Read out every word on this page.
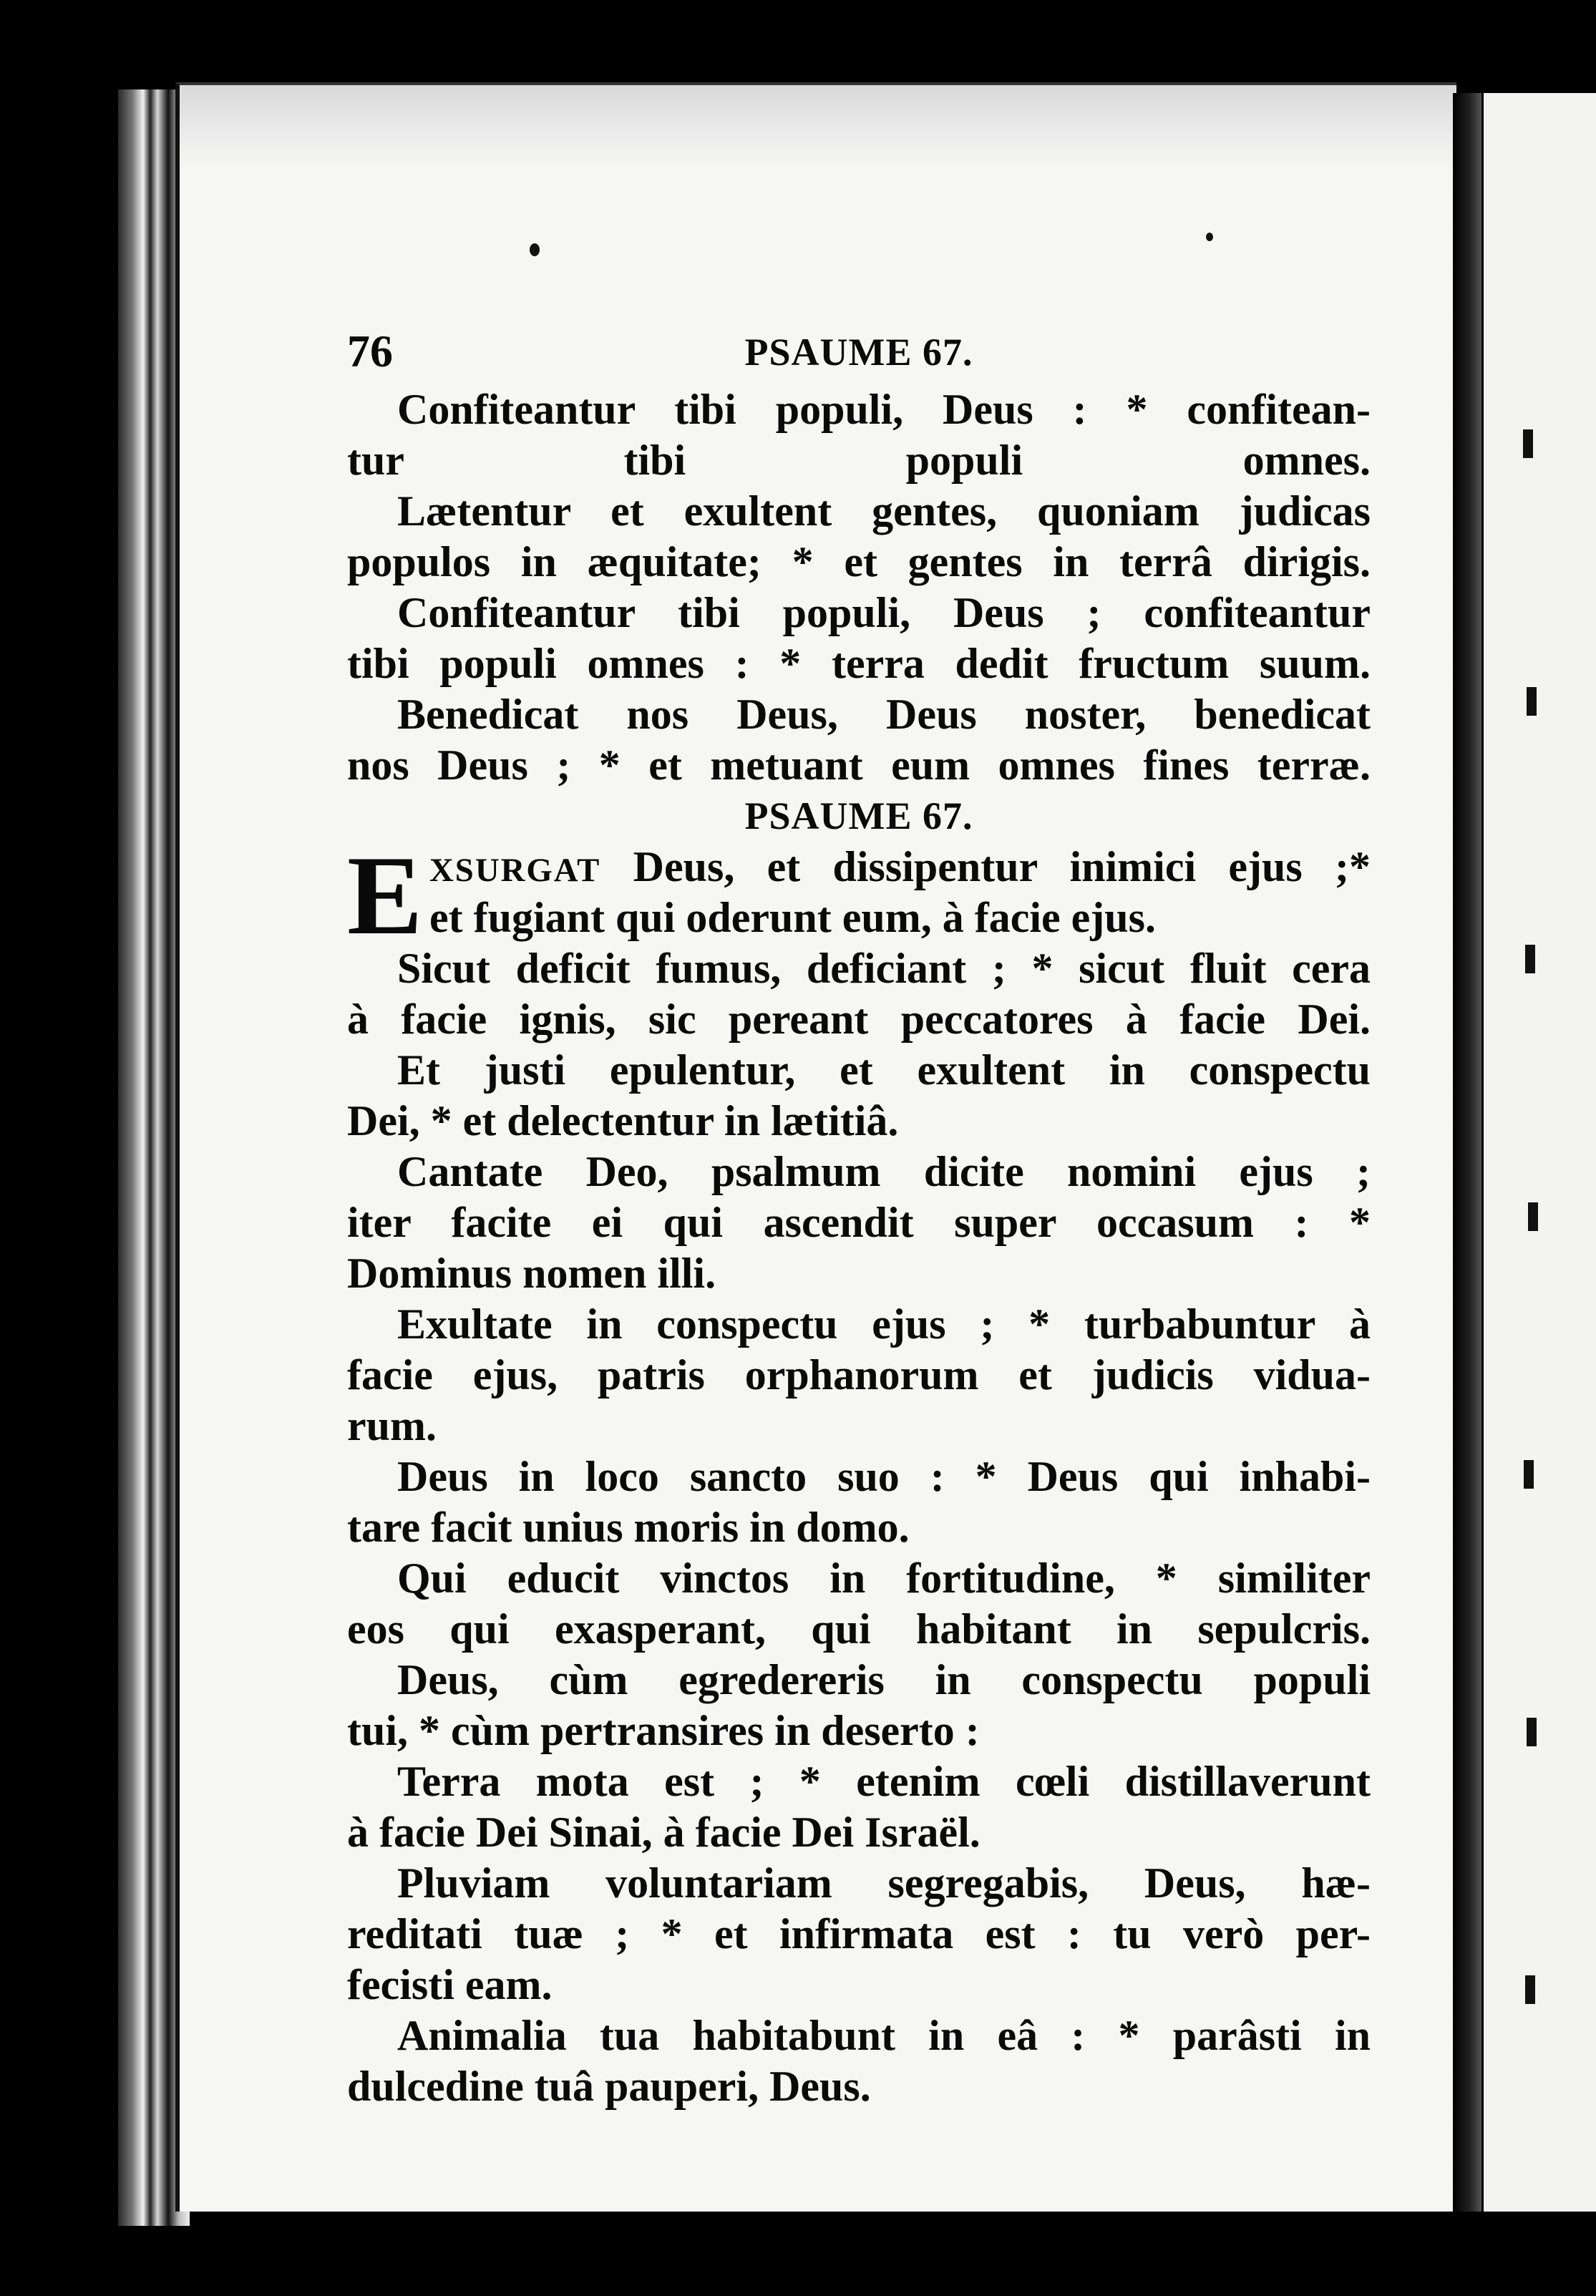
76	PSAUME 67.
Confiteantur tibi populi, Deus : * confitean-
tur tibi populi omnes.
Lætentur et exultent gentes, quoniam judicas
populos in æquitate; * et gentes in terrâ dirigis.
Confiteantur tibi populi, Deus ; confiteantur
tibi populi omnes : * terra dedit fructum suum.
Benedicat nos Deus, Deus noster, benedicat
nos Deus ; * et metuant eum omnes fines terræ.
PSAUME 67.
E XSURGAT Deus, et dissipentur inimici ejus ;*
et fugiant qui oderunt eum, à facie ejus.
Sicut deficit fumus, deficiant ; * sicut fluit cera
à facie ignis, sic pereant peccatores à facie Dei.
Et justi epulentur, et exultent in conspectu
Dei, * et delectentur in lætitiâ.
Cantate Deo, psalmum dicite nomini ejus ;
iter facite ei qui ascendit super occasum : *
Dominus nomen illi.
Exultate in conspectu ejus ; * turbabuntur à
facie ejus, patris orphanorum et judicis vidua-
rum.
Deus in loco sancto suo : * Deus qui inhabi-
tare facit unius moris in domo.
Qui educit vinctos in fortitudine, * similiter
eos qui exasperant, qui habitant in sepulcris.
Deus, cùm egredereris in conspectu populi
tui, * cùm pertransires in deserto :
Terra mota est ; * etenim cœli distillaverunt
à facie Dei Sinai, à facie Dei Israël.
Pluviam voluntariam segregabis, Deus, hæ-
reditati tuæ ; * et infirmata est : tu verò per-
fecisti eam.
Animalia tua habitabunt in eâ : * parâsti in
dulcedine tuâ pauperi, Deus.
